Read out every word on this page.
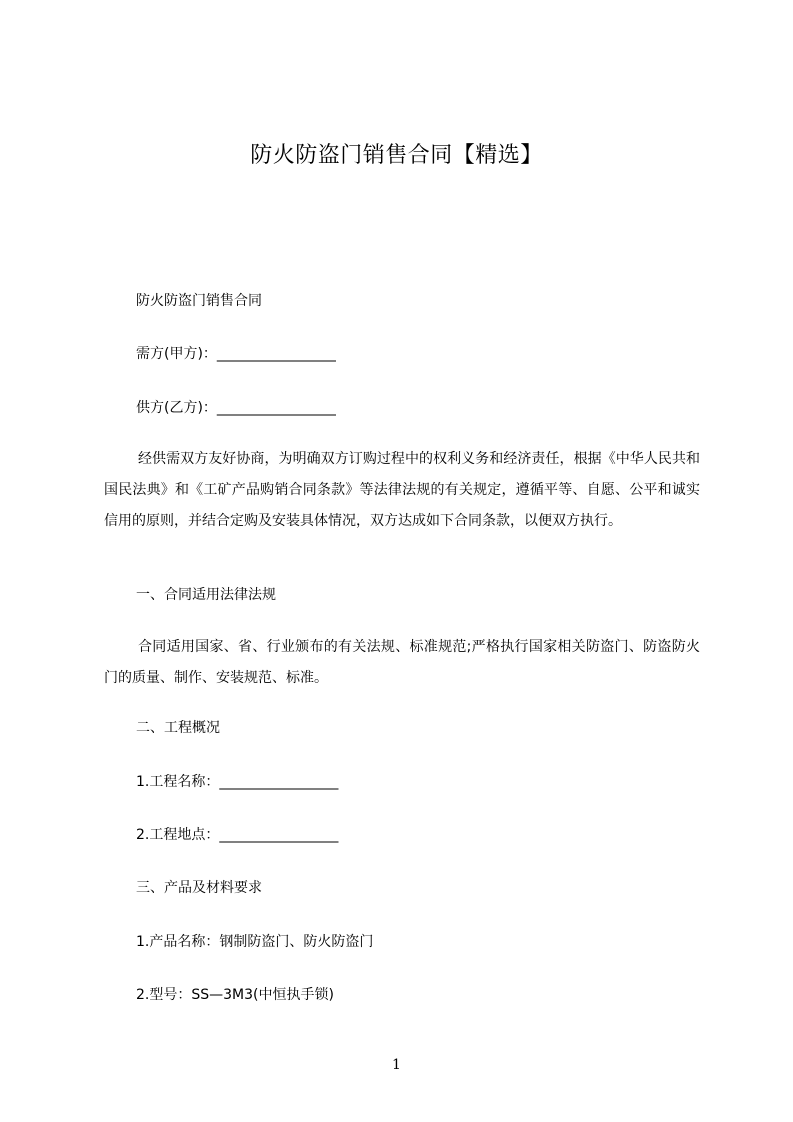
防火防盗门销售合同【精选】
防火防盗门销售合同
需方(甲方)：_________________
供方(乙方)：_________________
经供需双方友好协商，为明确双方订购过程中的权利义务和经济责任，根据《中华人民共和国民法典》和《工矿产品购销合同条款》等法律法规的有关规定，遵循平等、自愿、公平和诚实信用的原则，并结合定购及安装具体情况，双方达成如下合同条款，以便双方执行。
一、合同适用法律法规
合同适用国家、省、行业颁布的有关法规、标准规范;严格执行国家相关防盗门、防盗防火门的质量、制作、安装规范、标准。
二、工程概况
1.工程名称：_________________
2.工程地点：_________________
三、产品及材料要求
1.产品名称：钢制防盗门、防火防盗门
2.型号：SS—3M3(中恒执手锁)
1
